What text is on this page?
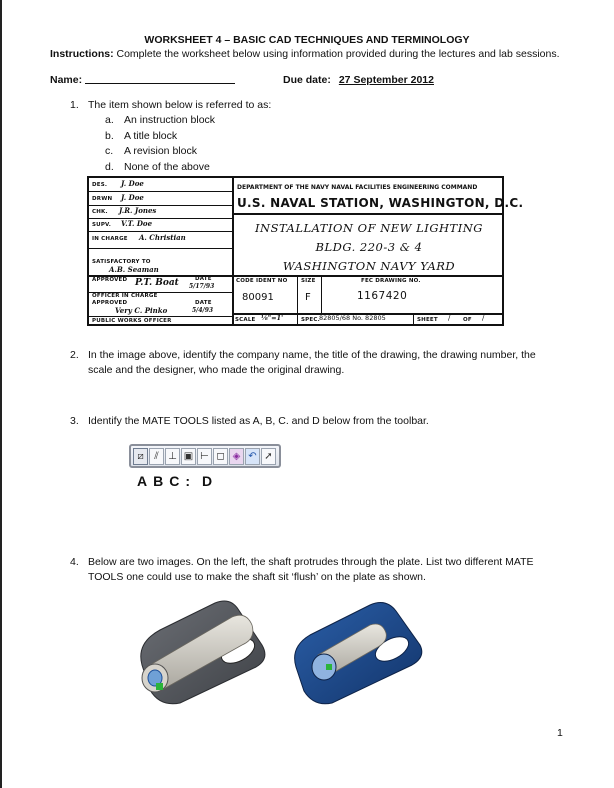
WORKSHEET 4 – BASIC CAD TECHNIQUES AND TERMINOLOGY
Instructions: Complete the worksheet below using information provided during the lectures and lab sessions.
Name:	Due date: 27 September 2012
1. The item shown below is referred to as:
a. An instruction block
b. A title block
c. A revision block
d. None of the above
DES. J. Doe
DRWN J. Doe
CHK. J.R. Jones
SUPV. V.T. Doe
IN CHARGE A. Christian
SATISFACTORY TO
A.B. Seaman
APPROVED P.T. Boat	DATE
5/17/93
OFFICER IN CHARGE
APPROVED	DATE
Very C. Pinko	5/4/93
PUBLIC WORKS OFFICER
DEPARTMENT OF THE NAVY NAVAL FACILITIES ENGINEERING COMMAND
U.S. NAVAL STATION, WASHINGTON, D.C.
INSTALLATION OF NEW LIGHTING
BLDG. 220-3 & 4
WASHINGTON NAVY YARD
CODE IDENT NO
80091
SIZE
F
FEC DRAWING NO.
1167420
SCALE ⅛"=1'	SPEC. 82805/68 No. 82805	SHEET / OF /
2. In the image above, identify the company name, the title of the drawing, the drawing number, the scale and the designer, who made the original drawing.
3. Identify the MATE TOOLS listed as A, B, C. and D below from the toolbar.
⧄	⫽ ⊥ ▣ ⊢ ◻ ◈ ↶ ➚
A B C : D
4. Below are two images. On the left, the shaft protrudes through the plate. List two different MATE TOOLS one could use to make the shaft sit ‘flush’ on the plate as shown.
1
